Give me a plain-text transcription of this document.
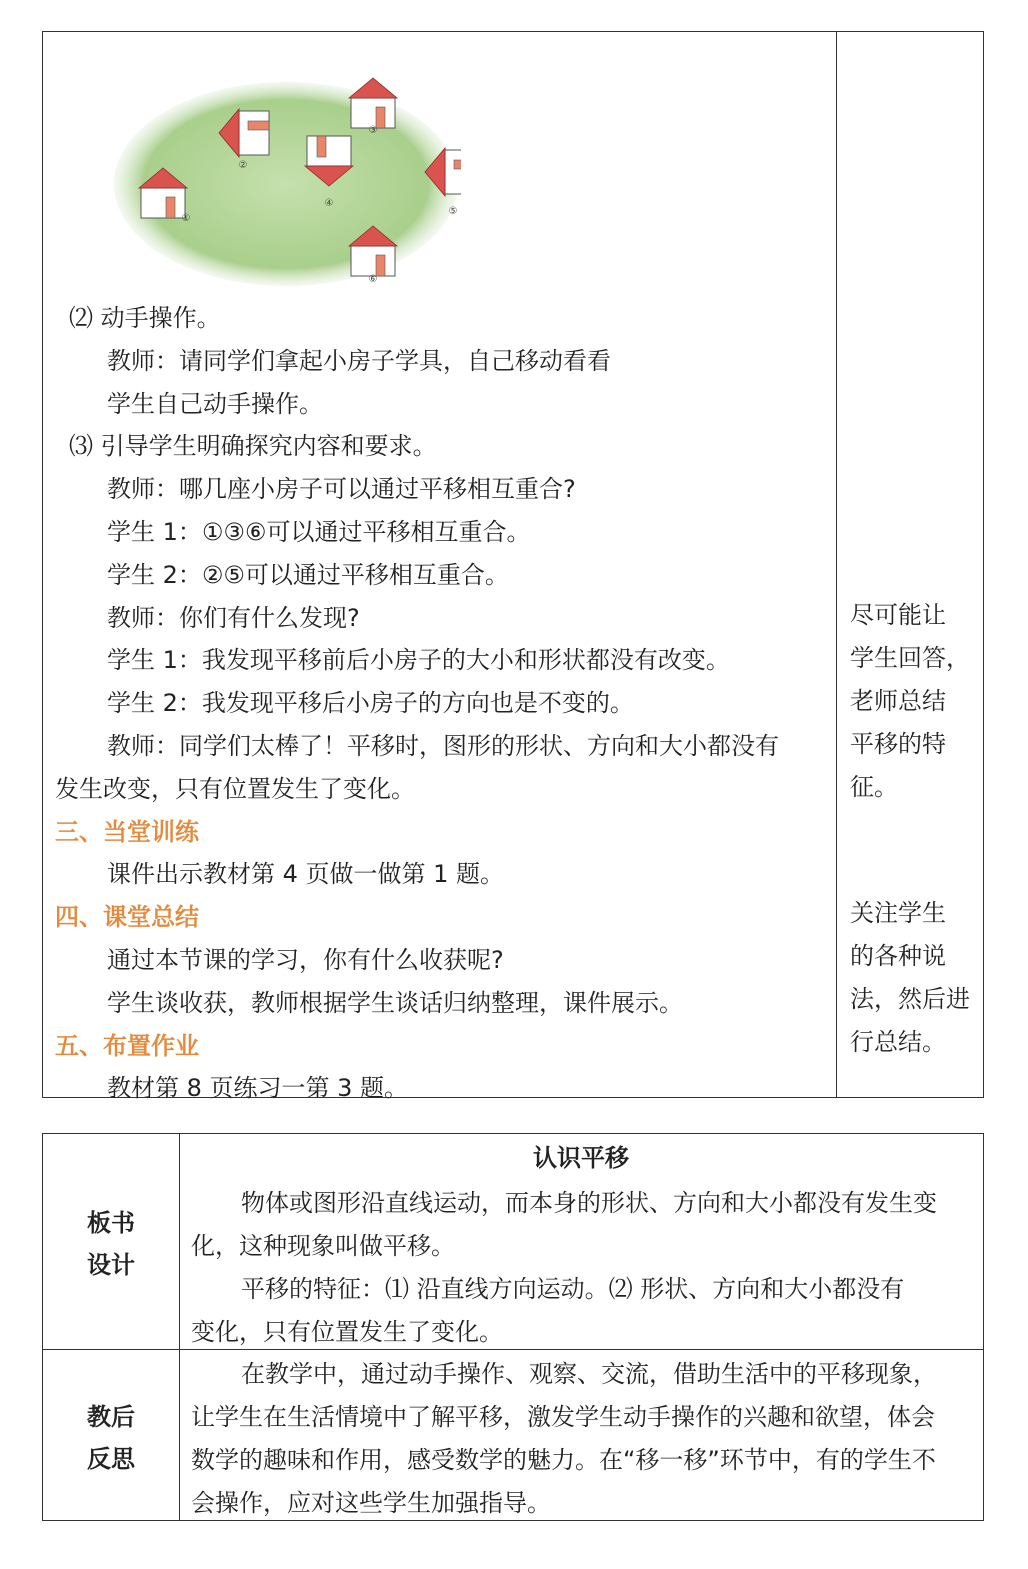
①
②
③
④
⑤
⑥
⑵ 动手操作。
教师：请同学们拿起小房子学具，自己移动看看
学生自己动手操作。
⑶ 引导学生明确探究内容和要求。
教师：哪几座小房子可以通过平移相互重合?
学生 1：①③⑥可以通过平移相互重合。
学生 2：②⑤可以通过平移相互重合。
教师：你们有什么发现?
学生 1：我发现平移前后小房子的大小和形状都没有改变。
学生 2：我发现平移后小房子的方向也是不变的。
教师：同学们太棒了！平移时，图形的形状、方向和大小都没有
发生改变，只有位置发生了变化。
三、当堂训练
课件出示教材第 4 页做一做第 1 题。
四、课堂总结
通过本节课的学习，你有什么收获呢?
学生谈收获，教师根据学生谈话归纳整理，课件展示。
五、布置作业
教材第 8 页练习一第 3 题。
尽可能让
学生回答，
老师总结
平移的特
征。
关注学生
的各种说
法，然后进
行总结。
板书
设计
认识平移
物体或图形沿直线运动，而本身的形状、方向和大小都没有发生变
化，这种现象叫做平移。
平移的特征：⑴ 沿直线方向运动。⑵ 形状、方向和大小都没有
变化，只有位置发生了变化。
教后
反思
在教学中，通过动手操作、观察、交流，借助生活中的平移现象，
让学生在生活情境中了解平移，激发学生动手操作的兴趣和欲望，体会
数学的趣味和作用，感受数学的魅力。在“移一移”环节中，有的学生不
会操作，应对这些学生加强指导。
